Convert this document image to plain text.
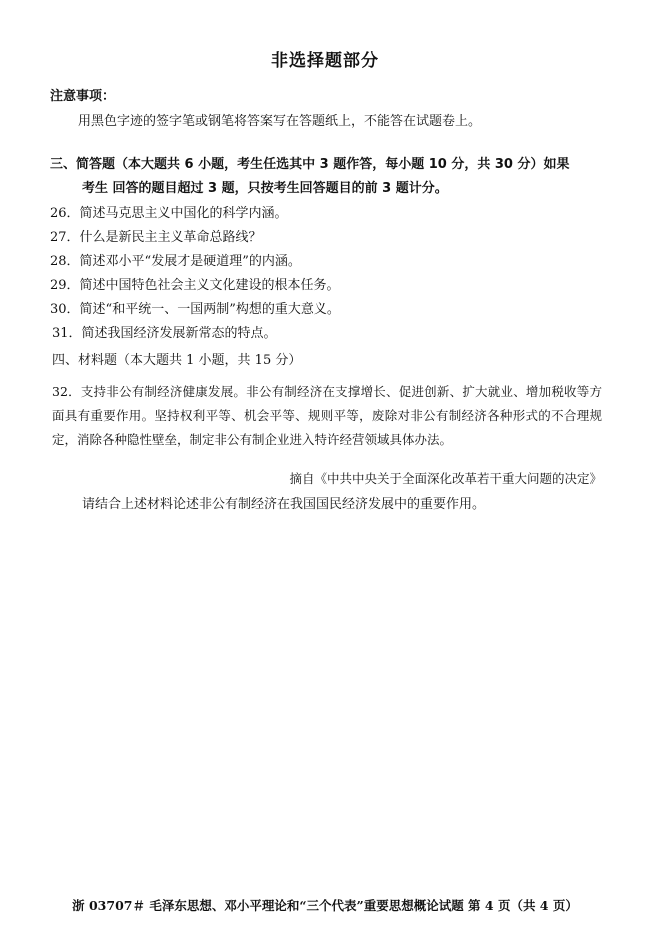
非选择题部分
注意事项：
用黑色字迹的签字笔或钢笔将答案写在答题纸上，不能答在试题卷上。
三、简答题（本大题共 6 小题，考生任选其中 3 题作答，每小题 10 分，共 30 分）如果
考生 回答的题目超过 3 题，只按考生回答题目的前 3 题计分。
26．简述马克思主义中国化的科学内涵。
27．什么是新民主主义革命总路线？
28．简述邓小平“发展才是硬道理”的内涵。
29．简述中国特色社会主义文化建设的根本任务。
30．简述“和平统一、一国两制”构想的重大意义。
31．简述我国经济发展新常态的特点。
四、材料题（本大题共 1 小题，共 15 分）
32．支持非公有制经济健康发展。非公有制经济在支撑增长、促进创新、扩大就业、增加税收等方面具有重要作用。坚持权利平等、机会平等、规则平等，废除对非公有制经济各种形式的不合理规定，消除各种隐性壁垒，制定非公有制企业进入特许经营领域具体办法。
摘自《中共中央关于全面深化改革若干重大问题的决定》
请结合上述材料论述非公有制经济在我国国民经济发展中的重要作用。
浙 03707＃ 毛泽东思想、邓小平理论和“三个代表”重要思想概论试题 第 4 页（共 4 页）
